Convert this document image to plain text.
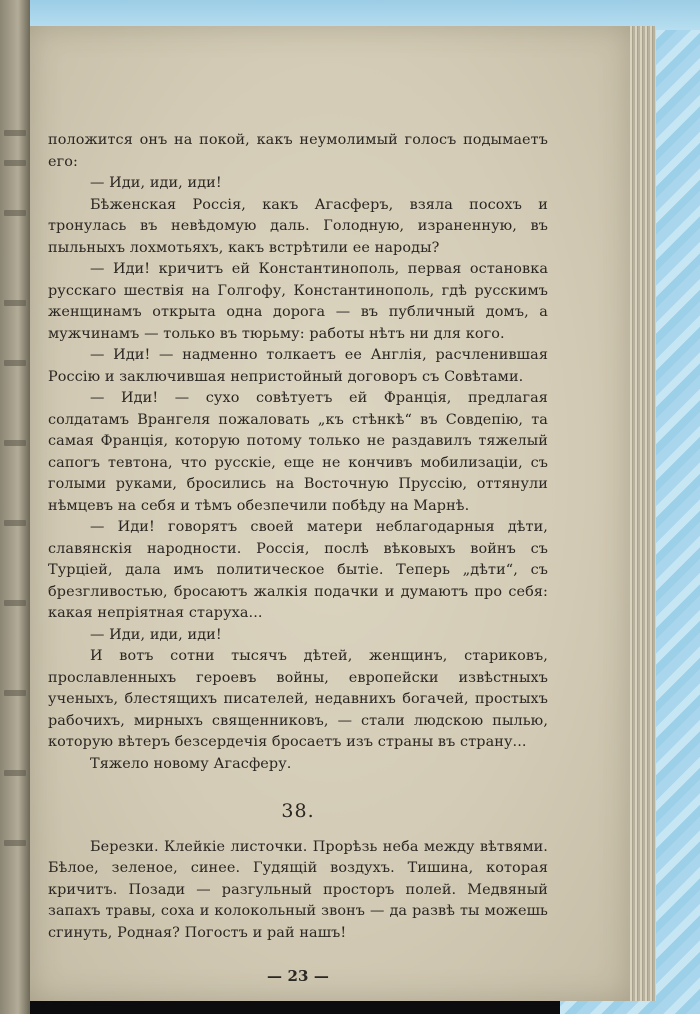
положится онъ на покой, какъ неумолимый голосъ подымаетъ его:

— Иди, иди, иди!

Бѣженская Россія, какъ Агасферъ, взяла посохъ и тронулась въ невѣдомую даль. Голодную, израненную, въ пыльныхъ лохмотьяхъ, какъ встрѣтили ее народы?

— Иди! кричитъ ей Константинополь, первая остановка русскаго шествія на Голгофу, Константинополь, гдѣ русскимъ женщинамъ открыта одна дорога — въ публичный домъ, а мужчинамъ — только въ тюрьму: работы нѣтъ ни для кого.

— Иди! — надменно толкаетъ ее Англія, расчленившая Россію и заключившая непристойный договоръ съ Совѣтами.

— Иди! — сухо совѣтуетъ ей Франція, предлагая солдатамъ Врангеля пожаловать „къ стѣнкѣ“ въ Совдепію, та самая Франція, которую потому только не раздавилъ тяжелый сапогъ тевтона, что русскіе, еще не кончивъ мобилизаціи, съ голыми руками, бросились на Восточную Пруссію, оттянули нѣмцевъ на себя и тѣмъ обезпечили побѣду на Марнѣ.

— Иди! говорятъ своей матери неблагодарныя дѣти, славянскія народности. Россія, послѣ вѣковыхъ войнъ съ Турціей, дала имъ политическое бытіе. Теперь „дѣти“, съ брезгливостью, бросаютъ жалкія подачки и думаютъ про себя: какая непріятная старуха...

— Иди, иди, иди!

И вотъ сотни тысячъ дѣтей, женщинъ, стариковъ, прославленныхъ героевъ войны, европейски извѣстныхъ ученыхъ, блестящихъ писателей, недавнихъ богачей, простыхъ рабочихъ, мирныхъ священниковъ, — стали людскою пылью, которую вѣтеръ безсердечія бросаетъ изъ страны въ страну...

Тяжело новому Агасферу.

38.

Березки. Клейкіе листочки. Прорѣзь неба между вѣтвями. Бѣлое, зеленое, синее. Гудящій воздухъ. Тишина, которая кричитъ. Позади — разгульный просторъ полей. Медвяный запахъ травы, соха и колокольный звонъ — да развѣ ты можешь сгинуть, Родная? Погостъ и рай нашъ!

— 23 —
